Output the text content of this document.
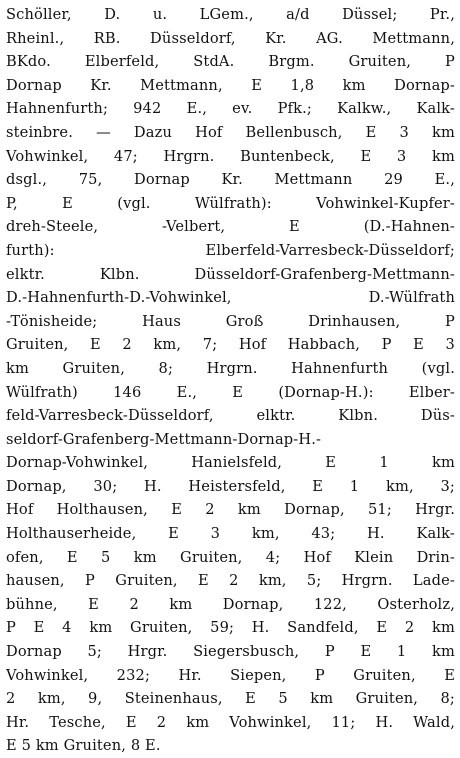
Schöller, D. u. LGem., a/d Düssel; Pr.,
Rheinl., RB. Düsseldorf, Kr. AG. Mettmann,
BKdo. Elberfeld, StdA. Brgm. Gruiten, P
Dornap Kr. Mettmann, E 1,8 km Dornap-
Hahnenfurth; 942 E., ev. Pfk.; Kalkw., Kalk-
steinbre. — Dazu Hof Bellenbusch, E 3 km
Vohwinkel, 47; Hrgrn. Buntenbeck, E 3 km
dsgl., 75, Dornap Kr. Mettmann 29 E.,
P, E (vgl. Wülfrath): Vohwinkel-Kupfer-
dreh-Steele, -Velbert, E (D.-Hahnen-
furth): Elberfeld-Varresbeck-Düsseldorf;
elktr. Klbn. Düsseldorf-Grafenberg-Mettmann-
D.-Hahnenfurth-D.-Vohwinkel, D.-Wülfrath
-Tönisheide; Haus Groß Drinhausen, P
Gruiten, E 2 km, 7; Hof Habbach, P E 3
km Gruiten, 8; Hrgrn. Hahnenfurth (vgl.
Wülfrath) 146 E., E (Dornap-H.): Elber-
feld-Varresbeck-Düsseldorf, elktr. Klbn. Düs-
seldorf-Grafenberg-Mettmann-Dornap-H.-
Dornap-Vohwinkel, Hanielsfeld, E 1 km
Dornap, 30; H. Heistersfeld, E 1 km, 3;
Hof Holthausen, E 2 km Dornap, 51; Hrgr.
Holthauserheide, E 3 km, 43; H. Kalk-
ofen, E 5 km Gruiten, 4; Hof Klein Drin-
hausen, P Gruiten, E 2 km, 5; Hrgrn. Lade-
bühne, E 2 km Dornap, 122, Osterholz,
P E 4 km Gruiten, 59; H. Sandfeld, E 2 km
Dornap 5; Hrgr. Siegersbusch, P E 1 km
Vohwinkel, 232; Hr. Siepen, P Gruiten, E
2 km, 9, Steinenhaus, E 5 km Gruiten, 8;
Hr. Tesche, E 2 km Vohwinkel, 11; H. Wald,
E 5 km Gruiten, 8 E.
